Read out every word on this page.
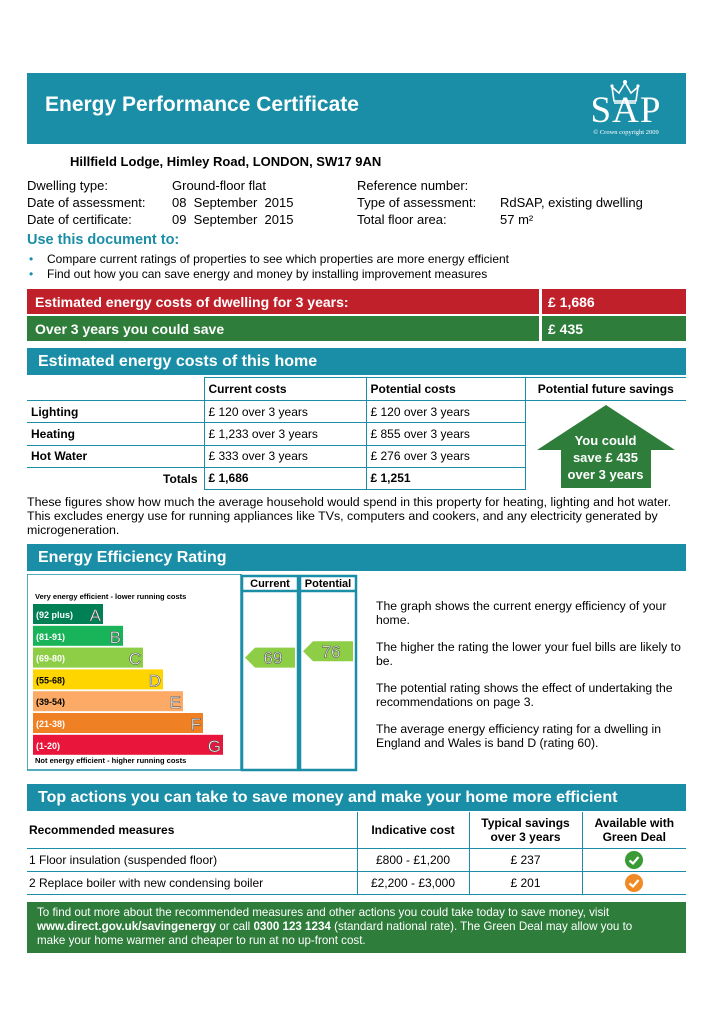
Energy Performance Certificate	SAP
© Crown copyright 2009
Hillfield Lodge, Himley Road, LONDON, SW17 9AN
Dwelling type:	Ground-floor flat
Date of assessment: 08  September  2015
Date of certificate:	09  September  2015
Reference number:
Type of assessment: RdSAP, existing dwelling
Total floor area:	57 m²
Use this document to:
• Compare current ratings of properties to see which properties are more energy efficient
• Find out how you can save energy and money by installing improvement measures
Estimated energy costs of dwelling for 3 years:	£ 1,686
Over 3 years you could save	£ 435
Estimated energy costs of this home
	Current costs	Potential costs	Potential future savings
Lighting	£ 120 over 3 years	£ 120 over 3 years	You could
save £ 435
over 3 years

Heating	£ 1,233 over 3 years	£ 855 over 3 years	
Hot Water	£ 333 over 3 years	£ 276 over 3 years	
Totals	£ 1,686	£ 1,251	
These figures show how much the average household would spend in this property for heating, lighting and hot water. This excludes energy use for running appliances like TVs, computers and cookers, and any electricity generated by microgeneration.
Energy Efficiency Rating
Current Potential
Very energy efficient - lower running costs
Not energy efficient - higher running costs
(92 plus) A
(81-91)	B
(69-80)	C
(55-68)	D
(39-54)	E
(21-38)	F
(1-20)	G
69 76
The graph shows the current energy efficiency of your home.
The higher the rating the lower your fuel bills are likely to be.
The potential rating shows the effect of undertaking the recommendations on page 3.
The average energy efficiency rating for a dwelling in England and Wales is band D (rating 60).
Top actions you can take to save money and make your home more efficient
Recommended measures	Indicative cost	Typical savings over 3 years	Available with Green Deal
1 Floor insulation (suspended floor)	£800 - £1,200	£ 237	
2 Replace boiler with new condensing boiler	£2,200 - £3,000	£ 201	
To find out more about the recommended measures and other actions you could take today to save money, visit
www.direct.gov.uk/savingenergy or call 0300 123 1234 (standard national rate). The Green Deal may allow you to
make your home warmer and cheaper to run at no up-front cost.
